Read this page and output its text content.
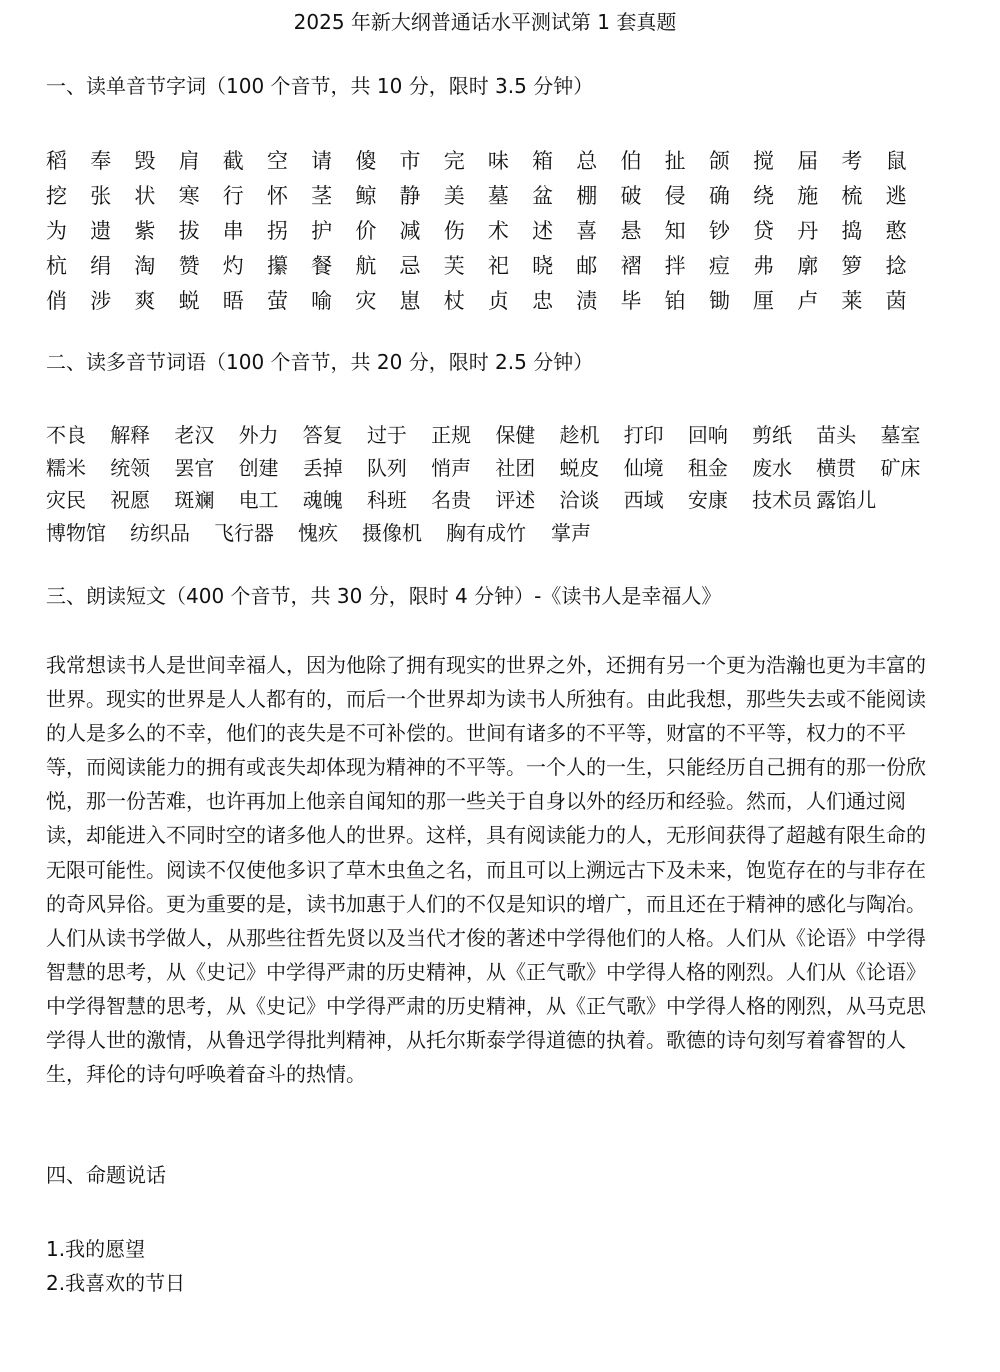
2025 年新大纲普通话水平测试第 1 套真题
一、读单音节字词（100 个音节，共 10 分，限时 3.5 分钟）
稻	奉	毁	肩	截	空	请	傻	市	完	味	箱	总	伯	扯	颌	搅	届	考	鼠
挖	张	状	寒	行	怀	茎	鲸	静	美	墓	盆	棚	破	侵	确	绕	施	梳	逃
为	遗	紫	拔	串	拐	护	价	减	伤	术	述	喜	悬	知	钞	贷	丹	捣	憨
杭	绢	淘	赞	灼	攥	餐	航	忌	芙	祀	晓	邮	褶	拌	痘	弗	廓	箩	捻
俏	涉	爽	蜕	晤	萤	喻	灾	崽	杖	贞	忠	渍	毕	铂	锄	厘	卢	莱	茵
二、读多音节词语（100 个音节，共 20 分，限时 2.5 分钟）
不良	解释	老汉	外力	答复	过于	正规	保健	趁机	打印	回响	剪纸	苗头	墓室
糯米	统领	罢官	创建	丢掉	队列	悄声	社团	蜕皮	仙境	租金	废水	横贯	矿床
灾民	祝愿	斑斓	电工	魂魄	科班	名贵	评述	洽谈	西域	安康	技术员 露馅儿
博物馆	纺织品	飞行器	愧疚	摄像机	胸有成竹	掌声
三、朗读短文（400 个音节，共 30 分，限时 4 分钟）-《读书人是幸福人》
我常想读书人是世间幸福人，因为他除了拥有现实的世界之外，还拥有另一个更为浩瀚也更为丰富的世界。现实的世界是人人都有的，而后一个世界却为读书人所独有。由此我想，那些失去或不能阅读的人是多么的不幸，他们的丧失是不可补偿的。世间有诸多的不平等，财富的不平等，权力的不平等，而阅读能力的拥有或丧失却体现为精神的不平等。一个人的一生，只能经历自己拥有的那一份欣悦，那一份苦难，也许再加上他亲自闻知的那一些关于自身以外的经历和经验。然而，人们通过阅读，却能进入不同时空的诸多他人的世界。这样，具有阅读能力的人，无形间获得了超越有限生命的无限可能性。阅读不仅使他多识了草木虫鱼之名，而且可以上溯远古下及未来，饱览存在的与非存在的奇风异俗。更为重要的是，读书加惠于人们的不仅是知识的增广，而且还在于精神的感化与陶冶。人们从读书学做人，从那些往哲先贤以及当代才俊的著述中学得他们的人格。人们从《论语》中学得智慧的思考，从《史记》中学得严肃的历史精神，从《正气歌》中学得人格的刚烈。人们从《论语》中学得智慧的思考，从《史记》中学得严肃的历史精神，从《正气歌》中学得人格的刚烈，从马克思学得人世的激情，从鲁迅学得批判精神，从托尔斯泰学得道德的执着。歌德的诗句刻写着睿智的人生，拜伦的诗句呼唤着奋斗的热情。
四、命题说话
1.我的愿望
2.我喜欢的节日
